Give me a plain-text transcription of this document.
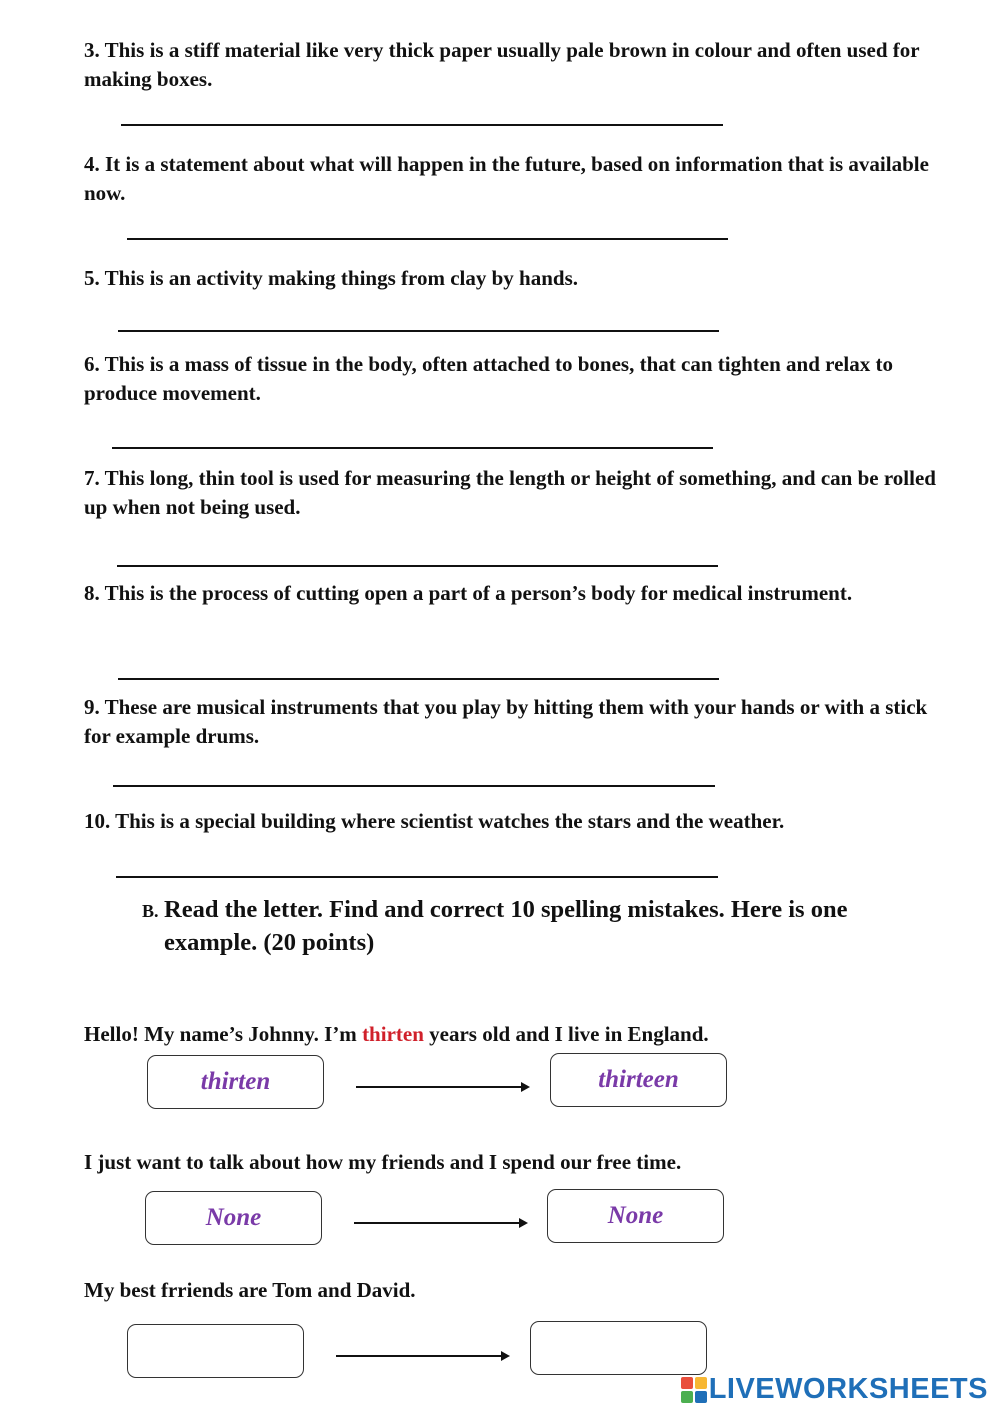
3. This is a stiff material like very thick paper usually pale brown in colour and often used for making boxes.
4. It is a statement about what will happen in the future, based on information that is available now.
5. This is an activity making things from clay by hands.
6. This is a mass of tissue in the body, often attached to bones, that can tighten and relax to produce movement.
7. This long, thin tool is used for measuring the length or height of something, and can be rolled up when not being used.
8. This is the process of cutting open a part of a person’s body for medical instrument.
9. These are musical instruments that you play by hitting them with your hands or with a stick for example drums.
10. This is a special building where scientist watches the stars and the weather.
B. Read the letter. Find and correct 10 spelling mistakes. Here is one example. (20 points)
Hello! My name’s Johnny. I’m thirten years old and I live in England.
thirten	thirteen
I just want to talk about how my friends and I spend our free time.
None	None
My best frriends are Tom and David.
LIVEWORKSHEETS
